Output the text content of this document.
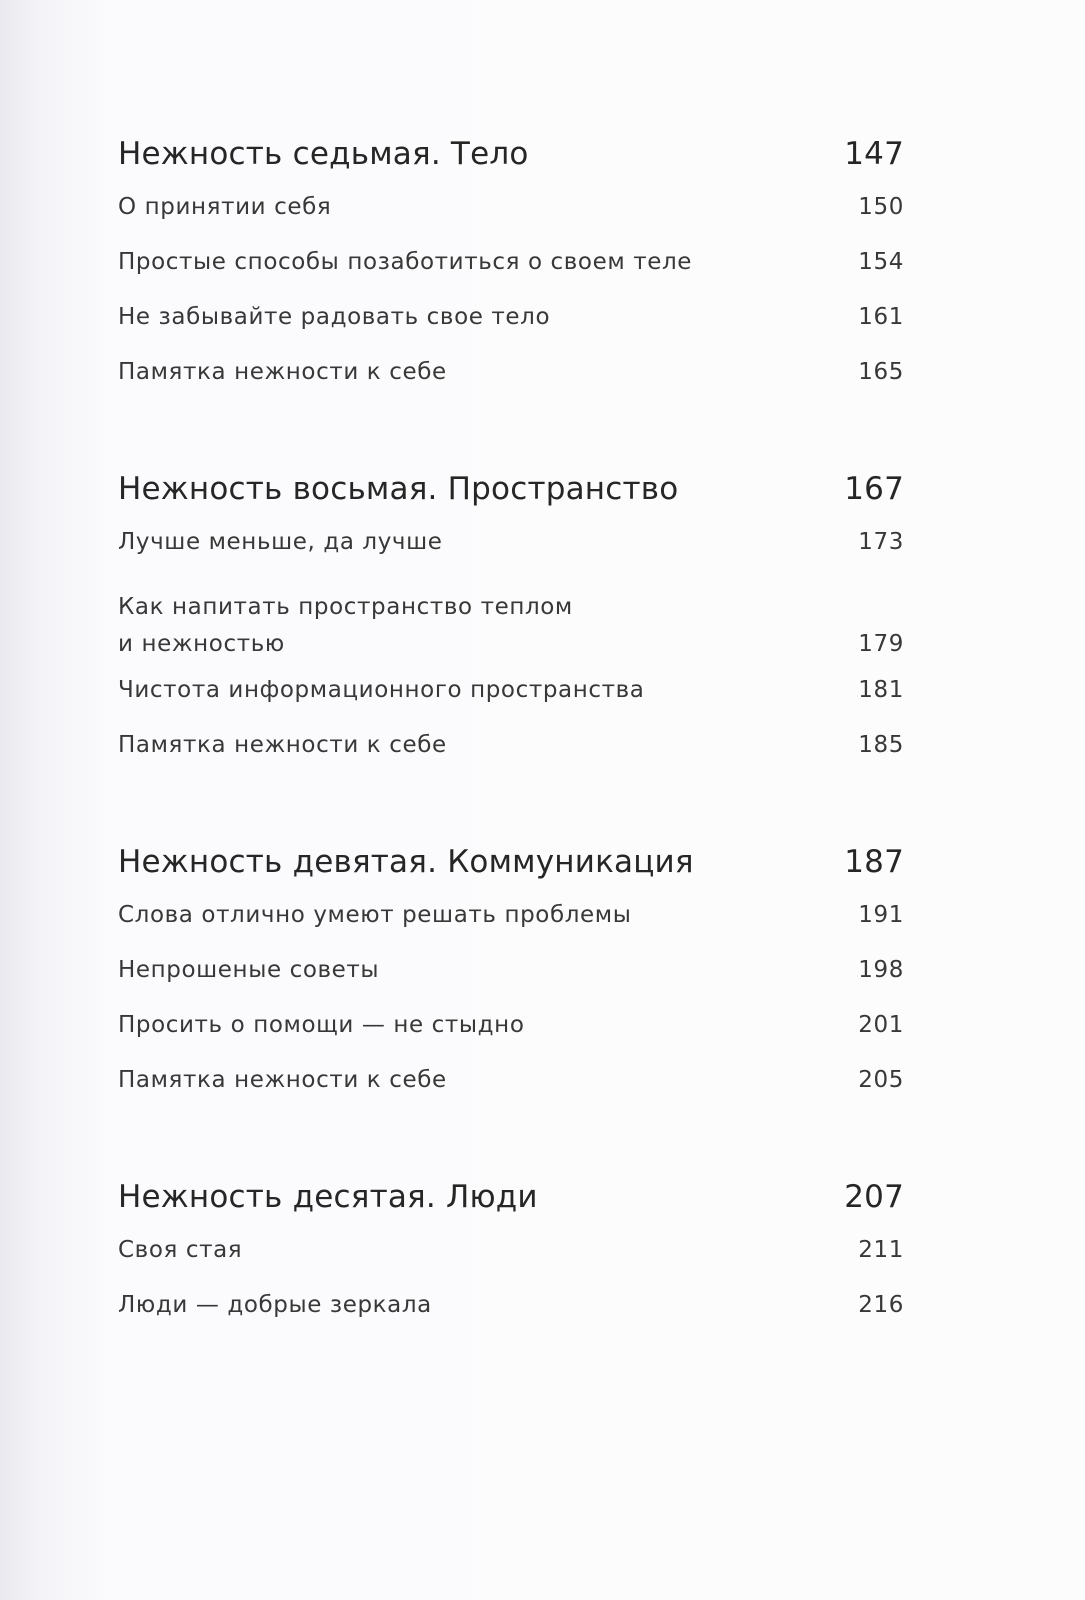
Нежность седьмая. Тело	147
О принятии себя	150
Простые способы позаботиться о своем теле	154
Не забывайте радовать свое тело	161
Памятка нежности к себе	165
Нежность восьмая. Пространство	167
Лучше меньше, да лучше	173
Как напитать пространство теплом
и нежностью	179
Чистота информационного пространства	181
Памятка нежности к себе	185
Нежность девятая. Коммуникация	187
Слова отлично умеют решать проблемы	191
Непрошеные советы	198
Просить о помощи — не стыдно	201
Памятка нежности к себе	205
Нежность десятая. Люди	207
Своя стая	211
Люди — добрые зеркала	216
